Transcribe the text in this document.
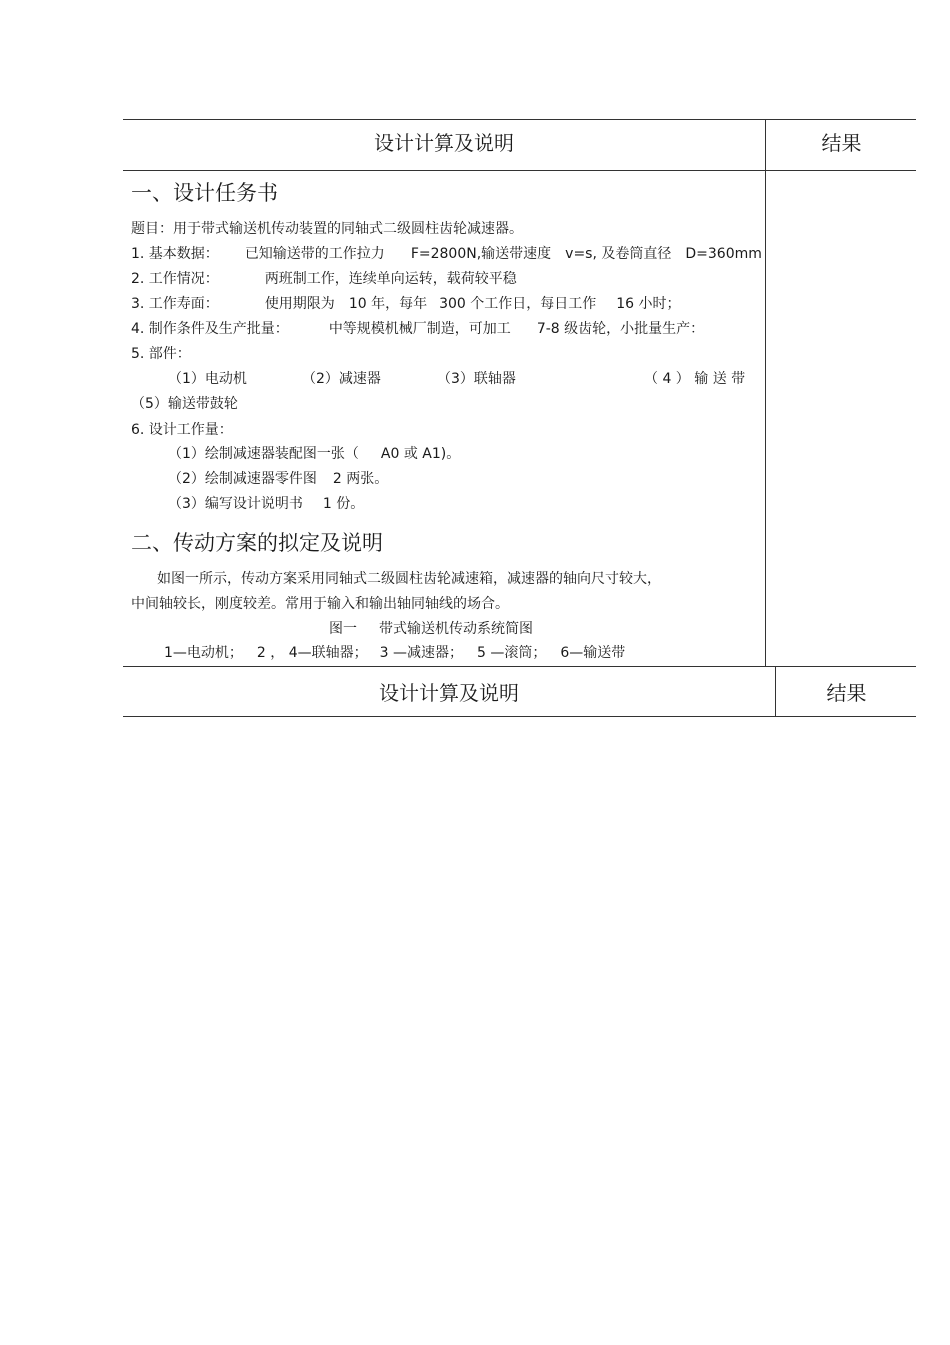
设计计算及说明	结果
一、设计任务书
题目：用于带式输送机传动装置的同轴式二级圆柱齿轮减速器。
1. 基本数据： 已知输送带的工作拉力 F=2800N,输送带速度 v=s, 及卷筒直径 D=360mm
2. 工作情况：	两班制工作，连续单向运转，载荷较平稳
3. 工作寿面：	使用期限为 10 年，每年 300 个工作日，每日工作 16 小时；
4. 制作条件及生产批量：	中等规模机械厂制造，可加工 7-8 级齿轮，小批量生产：
5. 部件：
（1）电动机	（2）减速器	（3）联轴器	（ 4 ） 输 送 带
（5）输送带鼓轮
6. 设计工作量：
（1）绘制减速器装配图一张（ A0 或 A1)。
（2）绘制减速器零件图 2 两张。
（3）编写设计说明书 1 份。
二、传动方案的拟定及说明
如图一所示，传动方案采用同轴式二级圆柱齿轮减速箱，减速器的轴向尺寸较大，
中间轴较长，刚度较差。常用于输入和输出轴同轴线的场合。
图一 带式输送机传动系统简图
1—电动机； 2 ， 4—联轴器； 3 —减速器； 5 —滚筒； 6—输送带
设计计算及说明	结果
